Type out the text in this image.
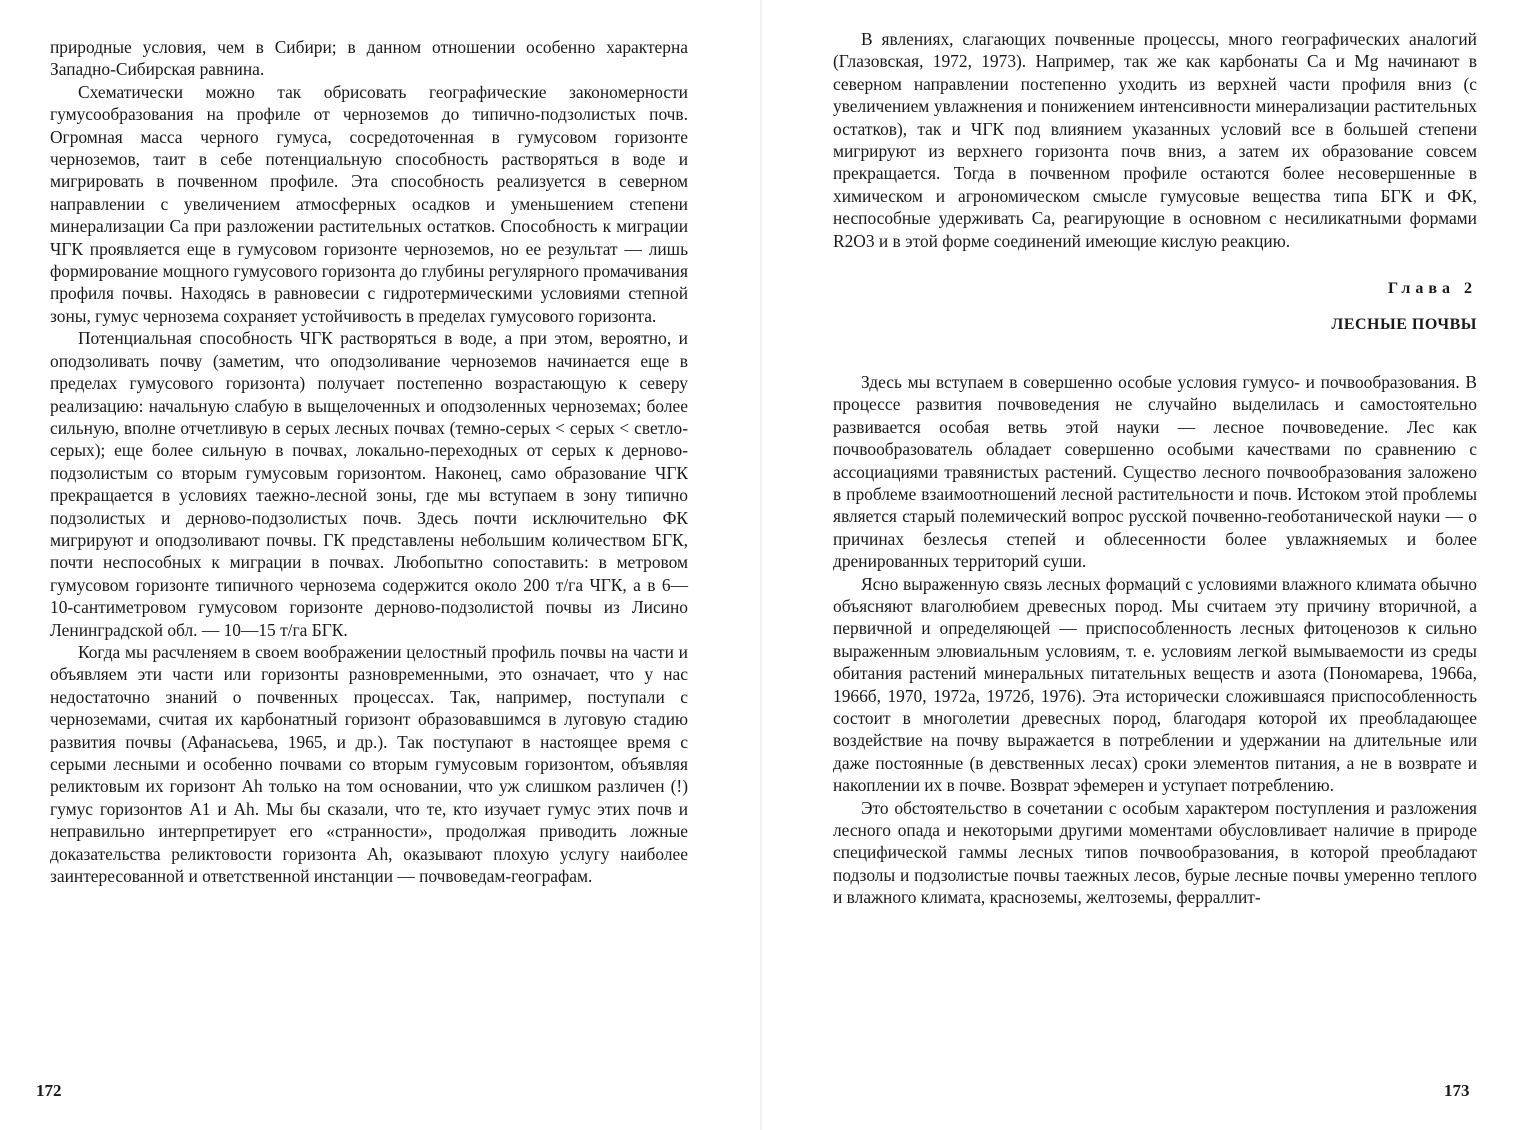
природные условия, чем в Сибири; в данном отношении особенно характерна Западно-Сибирская равнина.

Схематически можно так обрисовать географические закономерности гумусообразования на профиле от черноземов до типично-подзолистых почв. Огромная масса черного гумуса, сосредоточенная в гумусовом горизонте черноземов, таит в себе потенциальную способность растворяться в воде и мигрировать в почвенном профиле. Эта способность реализуется в северном направлении с увеличением атмосферных осадков и уменьшением степени минерализации Са при разложении растительных остатков. Способность к миграции ЧГК проявляется еще в гумусовом горизонте черноземов, но ее результат — лишь формирование мощного гумусового горизонта до глубины регулярного промачивания профиля почвы. Находясь в равновесии с гидротермическими условиями степной зоны, гумус чернозема сохраняет устойчивость в пределах гумусового горизонта.

Потенциальная способность ЧГК растворяться в воде, а при этом, вероятно, и оподзоливать почву (заметим, что оподзоливание черноземов начинается еще в пределах гумусового горизонта) получает постепенно возрастающую к северу реализацию: начальную слабую в выщелоченных и оподзоленных черноземах; более сильную, вполне отчетливую в серых лесных почвах (темно-серых < серых < светло-серых); еще более сильную в почвах, локально-переходных от серых к дерново-подзолистым со вторым гумусовым горизонтом. Наконец, само образование ЧГК прекращается в условиях таежно-лесной зоны, где мы вступаем в зону типично подзолистых и дерново-подзолистых почв. Здесь почти исключительно ФК мигрируют и оподзоливают почвы. ГК представлены небольшим количеством БГК, почти неспособных к миграции в почвах. Любопытно сопоставить: в метровом гумусовом горизонте типичного чернозема содержится около 200 т/га ЧГК, а в 6—10-сантиметровом гумусовом горизонте дерново-подзолистой почвы из Лисино Ленинградской обл. — 10—15 т/га БГК.

Когда мы расчленяем в своем воображении целостный профиль почвы на части и объявляем эти части или горизонты разновременными, это означает, что у нас недостаточно знаний о почвенных процессах. Так, например, поступали с черноземами, считая их карбонатный горизонт образовавшимся в луговую стадию развития почвы (Афанасьева, 1965, и др.). Так поступают в настоящее время с серыми лесными и особенно почвами со вторым гумусовым горизонтом, объявляя реликтовым их горизонт Аh только на том основании, что уж слишком различен (!) гумус горизонтов А1 и Аh. Мы бы сказали, что те, кто изучает гумус этих почв и неправильно интерпретирует его «странности», продолжая приводить ложные доказательства реликтовости горизонта Аh, оказывают плохую услугу наиболее заинтересованной и ответственной инстанции — почвоведам-географам.

172

В явлениях, слагающих почвенные процессы, много географических аналогий (Глазовская, 1972, 1973). Например, так же как карбонаты Са и Mg начинают в северном направлении постепенно уходить из верхней части профиля вниз (с увеличением увлажнения и понижением интенсивности минерализации растительных остатков), так и ЧГК под влиянием указанных условий все в большей степени мигрируют из верхнего горизонта почв вниз, а затем их образование совсем прекращается. Тогда в почвенном профиле остаются более несовершенные в химическом и агрономическом смысле гумусовые вещества типа БГК и ФК, неспособные удерживать Са, реагирующие в основном с несиликатными формами R2O3 и в этой форме соединений имеющие кислую реакцию.

Глава 2
ЛЕСНЫЕ ПОЧВЫ

Здесь мы вступаем в совершенно особые условия гумусо- и почвообразования. В процессе развития почвоведения не случайно выделилась и самостоятельно развивается особая ветвь этой науки — лесное почвоведение. Лес как почвообразователь обладает совершенно особыми качествами по сравнению с ассоциациями травянистых растений. Существо лесного почвообразования заложено в проблеме взаимоотношений лесной растительности и почв. Истоком этой проблемы является старый полемический вопрос русской почвенно-геоботанической науки — о причинах безлесья степей и облесенности более увлажняемых и более дренированных территорий суши.

Ясно выраженную связь лесных формаций с условиями влажного климата обычно объясняют влаголюбием древесных пород. Мы считаем эту причину вторичной, а первичной и определяющей — приспособленность лесных фитоценозов к сильно выраженным элювиальным условиям, т. е. условиям легкой вымываемости из среды обитания растений минеральных питательных веществ и азота (Пономарева, 1966а, 1966б, 1970, 1972а, 1972б, 1976). Эта исторически сложившаяся приспособленность состоит в многолетии древесных пород, благодаря которой их преобладающее воздействие на почву выражается в потреблении и удержании на длительные или даже постоянные (в девственных лесах) сроки элементов питания, а не в возврате и накоплении их в почве. Возврат эфемерен и уступает потреблению.

Это обстоятельство в сочетании с особым характером поступления и разложения лесного опада и некоторыми другими моментами обусловливает наличие в природе специфической гаммы лесных типов почвообразования, в которой преобладают подзолы и подзолистые почвы таежных лесов, бурые лесные почвы умеренно теплого и влажного климата, красноземы, желтоземы, ферраллит-

173
